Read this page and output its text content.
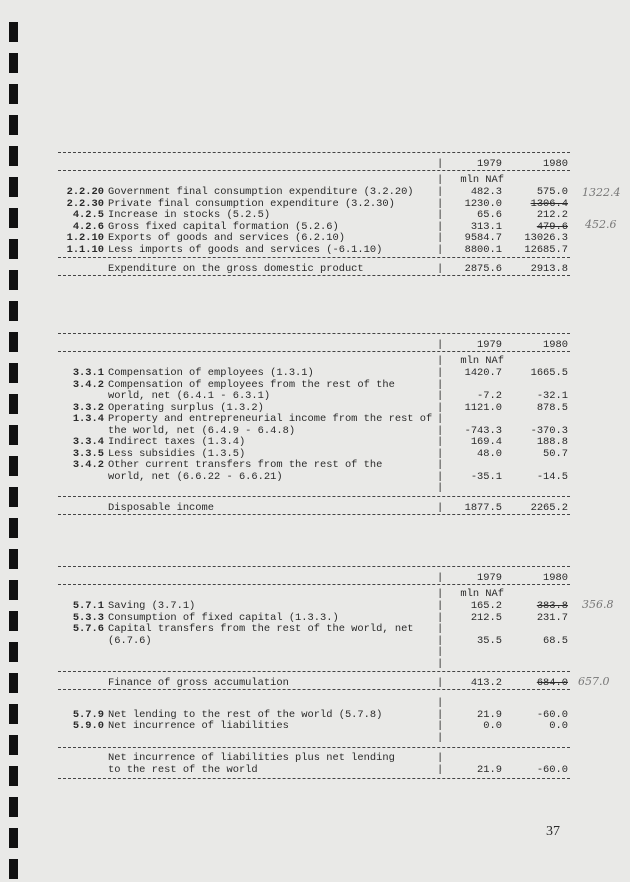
37
1322.4
452.6
356.8
657.0
|	1979	1980
mln NAf
|
2.2.20 Government final consumption expenditure (3.2.20) |	482.3	575.0
2.2.30 Private final consumption expenditure (3.2.30)	|	1230.0	1306.4
4.2.5 Increase in stocks (5.2.5)	|	65.6	212.2
4.2.6 Gross fixed capital formation (5.2.6)	|	313.1	479.6
1.2.10 Exports of goods and services (6.2.10)	|	9584.7	13026.3
1.1.10 Less imports of goods and services (-6.1.10)	|	8800.1	12685.7
Expenditure on the gross domestic product	|	2875.6	2913.8
|	1979	1980
mln NAf
|
3.3.1 Compensation of employees (1.3.1)	|	1420.7	1665.5
3.4.2 Compensation of employees from the rest of the	|
world, net (6.4.1 - 6.3.1)	|	-7.2	-32.1
3.3.2 Operating surplus (1.3.2)	|	1121.0	878.5
1.3.4 Property and entrepreneurial income from the rest of |
the world, net (6.4.9 - 6.4.8)	|	-743.3	-370.3
3.3.4 Indirect taxes (1.3.4)	|	169.4	188.8
3.3.5 Less subsidies (1.3.5)	|	48.0	50.7
3.4.2 Other current transfers from the rest of the	|
world, net (6.6.22 - 6.6.21)	|	-35.1	-14.5
|
Disposable income	|	1877.5	2265.2
|	1979	1980
mln NAf
|
5.7.1 Saving (3.7.1)	|	165.2	383.8
5.3.3 Consumption of fixed capital (1.3.3.)	|	212.5	231.7
5.7.6 Capital transfers from the rest of the world, net |
(6.7.6)	|	35.5	68.5
|
|
Finance of gross accumulation	|	413.2	684.0
|
5.7.9 Net lending to the rest of the world (5.7.8)	|	21.9	-60.0
5.9.0 Net incurrence of liabilities	|	0.0	0.0
|
Net incurrence of liabilities plus net lending	|
to the rest of the world	|	21.9	-60.0
